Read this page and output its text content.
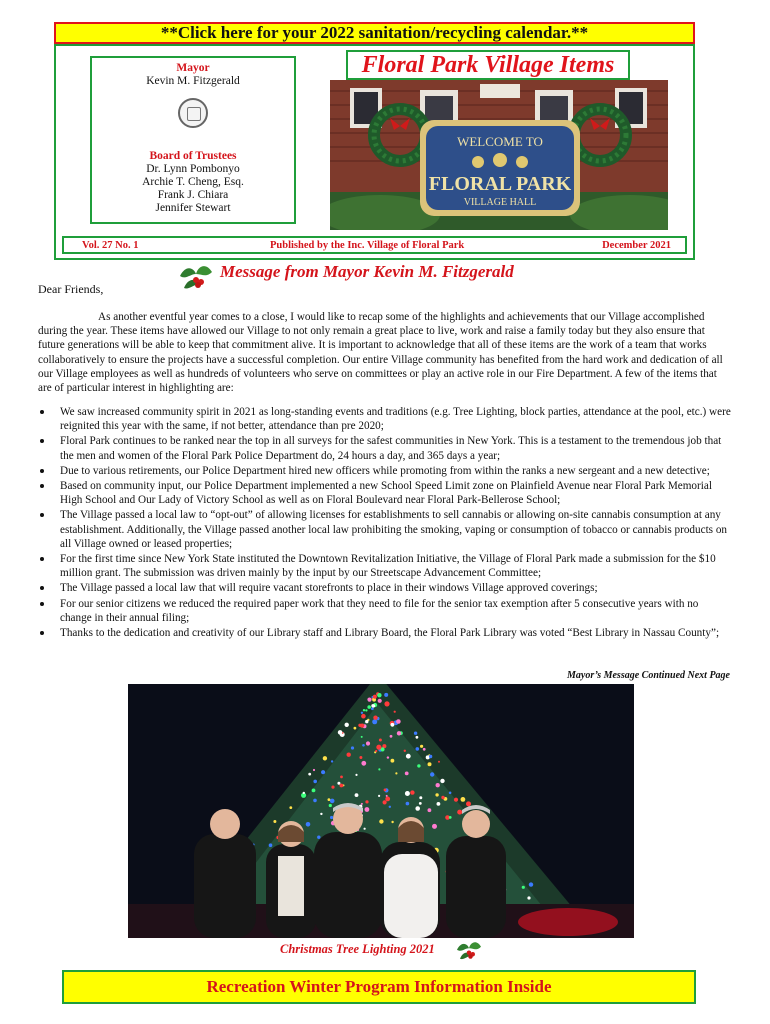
**Click here for your 2022 sanitation/recycling calendar.**
Mayor
Kevin M. Fitzgerald
Board of Trustees
Dr. Lynn Pombonyo
Archie T. Cheng, Esq.
Frank J. Chiara
Jennifer Stewart
Floral Park Village Items
WELCOME TO
FLORAL PARK
VILLAGE HALL
Vol. 27 No. 1	Published by the Inc. Village of Floral Park	December 2021
Message from Mayor Kevin M. Fitzgerald
Dear Friends,

As another eventful year comes to a close, I would like to recap some of the highlights and achievements that our Village accomplished during the year. These items have allowed our Village to not only remain a great place to live, work and raise a family today but they also ensure that future generations will be able to keep that commitment alive. It is important to acknowledge that all of these items are the work of a team that works collaboratively to ensure the projects have a successful completion. Our entire Village community has benefited from the hard work and dedication of all our Village employees as well as hundreds of volunteers who serve on committees or play an active role in our Fire Department. A few of the items that are of particular interest in highlighting are:

We saw increased community spirit in 2021 as long-standing events and traditions (e.g. Tree Lighting, block parties, attendance at the pool, etc.) were reignited this year with the same, if not better, attendance than pre 2020;
Floral Park continues to be ranked near the top in all surveys for the safest communities in New York. This is a testament to the tremendous job that the men and women of the Floral Park Police Department do, 24 hours a day, and 365 days a year;
Due to various retirements, our Police Department hired new officers while promoting from within the ranks a new sergeant and a new detective;
Based on community input, our Police Department implemented a new School Speed Limit zone on Plainfield Avenue near Floral Park Memorial High School and Our Lady of Victory School as well as on Floral Boulevard near Floral Park-Bellerose School;
The Village passed a local law to “opt-out” of allowing licenses for establishments to sell cannabis or allowing on-site cannabis consumption at any establishment. Additionally, the Village passed another local law prohibiting the smoking, vaping or consumption of tobacco or cannabis products on all Village owned or leased properties;
For the first time since New York State instituted the Downtown Revitalization Initiative, the Village of Floral Park made a submission for the $10 million grant. The submission was driven mainly by the input by our Streetscape Advancement Committee;
The Village passed a local law that will require vacant storefronts to place in their windows Village approved coverings;
For our senior citizens we reduced the required paper work that they need to file for the senior tax exemption after 5 consecutive years with no change in their annual filing;
Thanks to the dedication and creativity of our Library staff and Library Board, the Floral Park Library was voted “Best Library in Nassau County”;
Mayor’s Message Continued Next Page
Christmas Tree Lighting 2021
Recreation Winter Program Information Inside
